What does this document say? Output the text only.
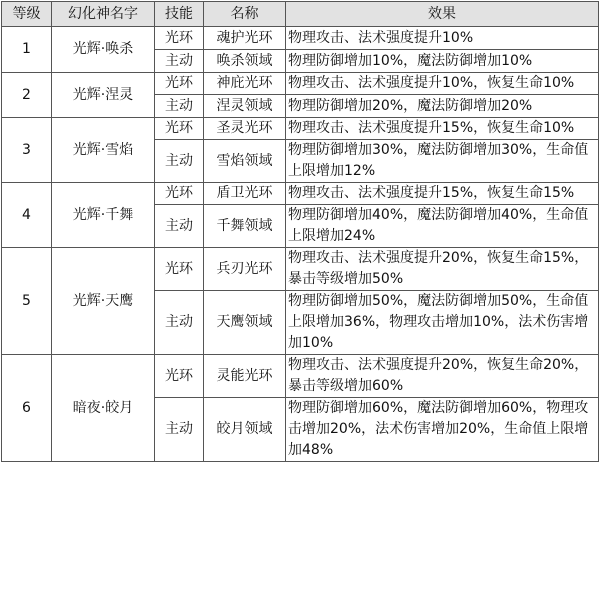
等级	幻化神名字	技能	名称	效果
1	光辉·唤杀	光环	魂护光环	物理攻击、法术强度提升10%
		主动	唤杀领域	物理防御增加10%，魔法防御增加10%
2	光辉·涅灵	光环	神庇光环	物理攻击、法术强度提升10%，恢复生命10%
		主动	涅灵领域	物理防御增加20%，魔法防御增加20%
3	光辉·雪焰	光环	圣灵光环	物理攻击、法术强度提升15%，恢复生命10%
		主动	雪焰领域	物理防御增加30%，魔法防御增加30%，生命值上限增加12%
4	光辉·千舞	光环	盾卫光环	物理攻击、法术强度提升15%，恢复生命15%
		主动	千舞领域	物理防御增加40%，魔法防御增加40%，生命值上限增加24%
5	光辉·天鹰	光环	兵刃光环	物理攻击、法术强度提升20%，恢复生命15%，暴击等级增加50%
		主动	天鹰领域	物理防御增加50%，魔法防御增加50%，生命值上限增加36%，物理攻击增加10%，法术伤害增加10%
6	暗夜·皎月	光环	灵能光环	物理攻击、法术强度提升20%，恢复生命20%，暴击等级增加60%
		主动	皎月领域	物理防御增加60%，魔法防御增加60%，物理攻击增加20%，法术伤害增加20%，生命值上限增加48%
